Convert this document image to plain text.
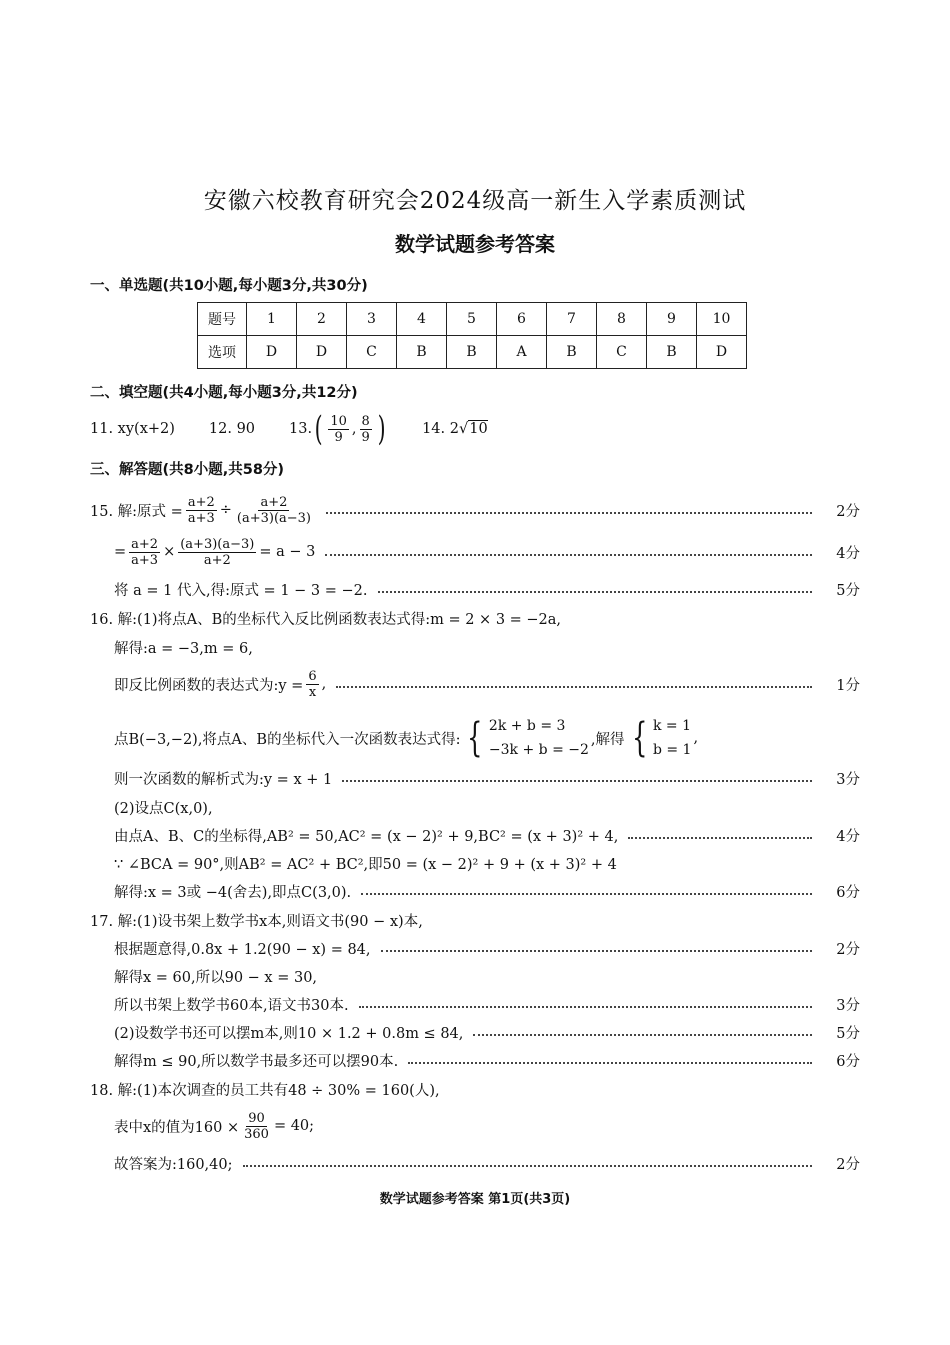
安徽六校教育研究会2024级高一新生入学素质测试
数学试题参考答案
一、单选题(共10小题,每小题3分,共30分)
题号	1	2	3	4	5	6	7	8	9	10
选项	D	D	C	B	B	A	B	C	B	D
二、填空题(共4小题,每小题3分,共12分)
11. xy(x+2) 12. 90 13. ( $\frac{10}{9}$ , $\frac{8}{9}$ )	14. 2√10
三、解答题(共8小题,共58分)
15. 解:原式 = $\frac{a+2}{a+3} \div \frac{a+2}{(a+3)(a-3)}$	2分
= $\frac{a+2}{a+3} \times \frac{(a+3)(a-3)}{a+2} = a - 3$	4分
将 a = 1 代入,得:原式 = 1 − 3 = −2.	5分
16. 解:(1)将点A、B的坐标代入反比例函数表达式得:m = 2 × 3 = −2a,
解得:a = −3,m = 6,
即反比例函数的表达式为:y = $\frac{6}{x}$ ,	1分
点B(−3,−2),将点A、B的坐标代入一次函数表达式得: { 2k + b = 3
−3k + b = −2
,解得 { k = 1
b = 1
,
则一次函数的解析式为:y = x + 1	3分
(2)设点C(x,0),
由点A、B、C的坐标得,AB² = 50,AC² = (x − 2)² + 9,BC² = (x + 3)² + 4,	4分
∵ ∠BCA = 90°,则AB² = AC² + BC²,即50 = (x − 2)² + 9 + (x + 3)² + 4
解得:x = 3或 −4(舍去),即点C(3,0).	6分
17. 解:(1)设书架上数学书x本,则语文书(90 − x)本,
根据题意得,0.8x + 1.2(90 − x) = 84,	2分
解得x = 60,所以90 − x = 30,
所以书架上数学书60本,语文书30本.	3分
(2)设数学书还可以摆m本,则10 × 1.2 + 0.8m ≤ 84,	5分
解得m ≤ 90,所以数学书最多还可以摆90本.	6分
18. 解:(1)本次调查的员工共有48 ÷ 30% = 160(人),
表中x的值为$160 \times \frac{90}{360} = 40$;
故答案为:160,40;	2分
数学试题参考答案 第1页(共3页)
